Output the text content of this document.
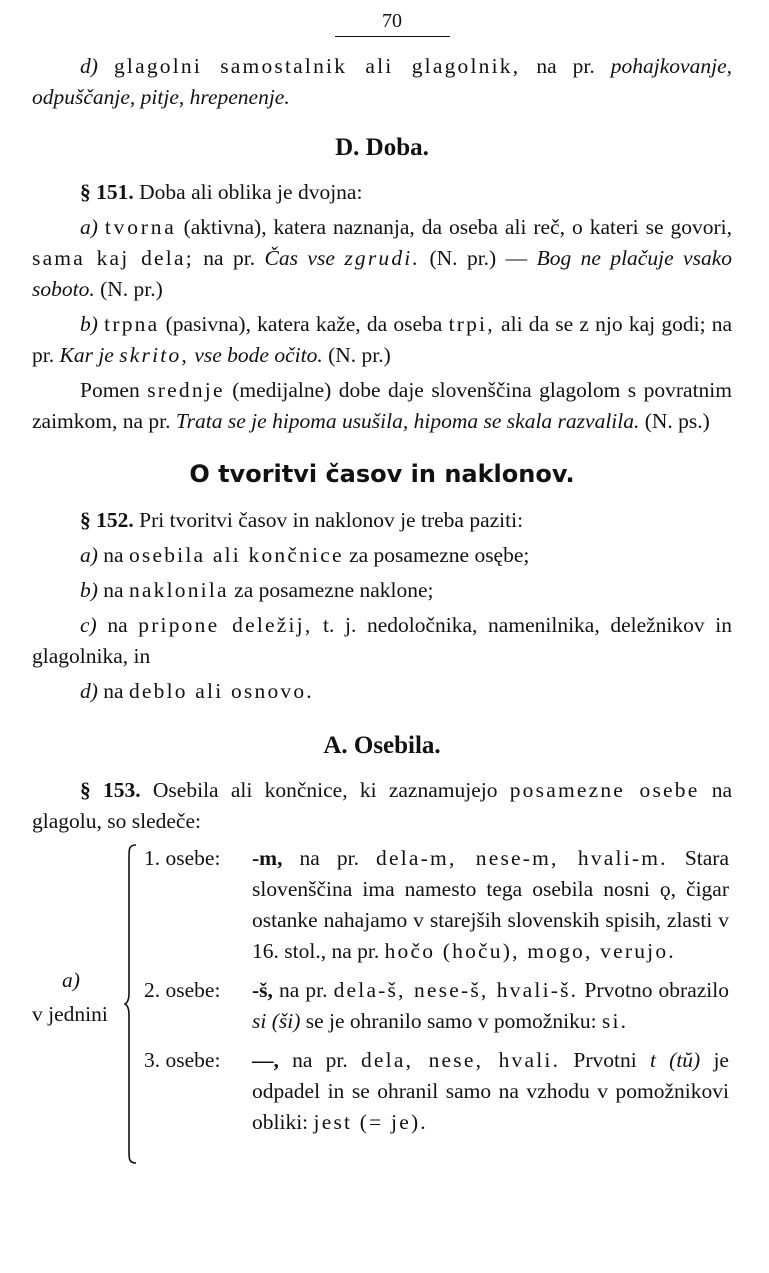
70

d) glagolni samostalnik ali glagolnik, na pr. pohajkovanje, odpuščanje, pitje, hrepenenje.

D. Doba.

§ 151. Doba ali oblika je dvojna:

a) tvorna (aktivna), katera naznanja, da oseba ali reč, o kateri se govori, sama kaj dela; na pr. Čas vse zgrudi. (N. pr.) — Bog ne plačuje vsako soboto. (N. pr.)

b) trpna (pasivna), katera kaže, da oseba trpi, ali da se z njo kaj godi; na pr. Kar je skrito, vse bode očito. (N. pr.)

Pomen srednje (medijalne) dobe daje slovenščina glagolom s povratnim zaimkom, na pr. Trata se je hipoma usušila, hipoma se skala razvalila. (N. ps.)

O tvoritvi časov in naklonov.

§ 152. Pri tvoritvi časov in naklonov je treba paziti:

a) na osebila ali končnice za posamezne osębe;

b) na naklonila za posamezne naklone;

c) na pripone deležij, t. j. nedoločnika, namenilnika, deležnikov in glagolnika, in

d) na deblo ali osnovo.

A. Osebila.

§ 153. Osebila ali končnice, ki zaznamujejo posamezne osebe na glagolu, so sledeče:

a)
v jednini
1. osebe: -m, na pr. dela-m, nese-m, hvali-m. Stara slovenščina ima namesto tega osebila nosni ǫ, čigar ostanke nahajamo v starejših slovenskih spisih, zlasti v 16. stol., na pr. hočo (hoču), mogo, verujo.
2. osebe: -š, na pr. dela-š, nese-š, hvali-š. Prvotno obrazilo si (ši) se je ohranilo samo v pomožniku: si.
3. osebe: —, na pr. dela, nese, hvali. Prvotni t (tŭ) je odpadel in se ohranil samo na vzhodu v pomožnikovi obliki: jest (= je).
